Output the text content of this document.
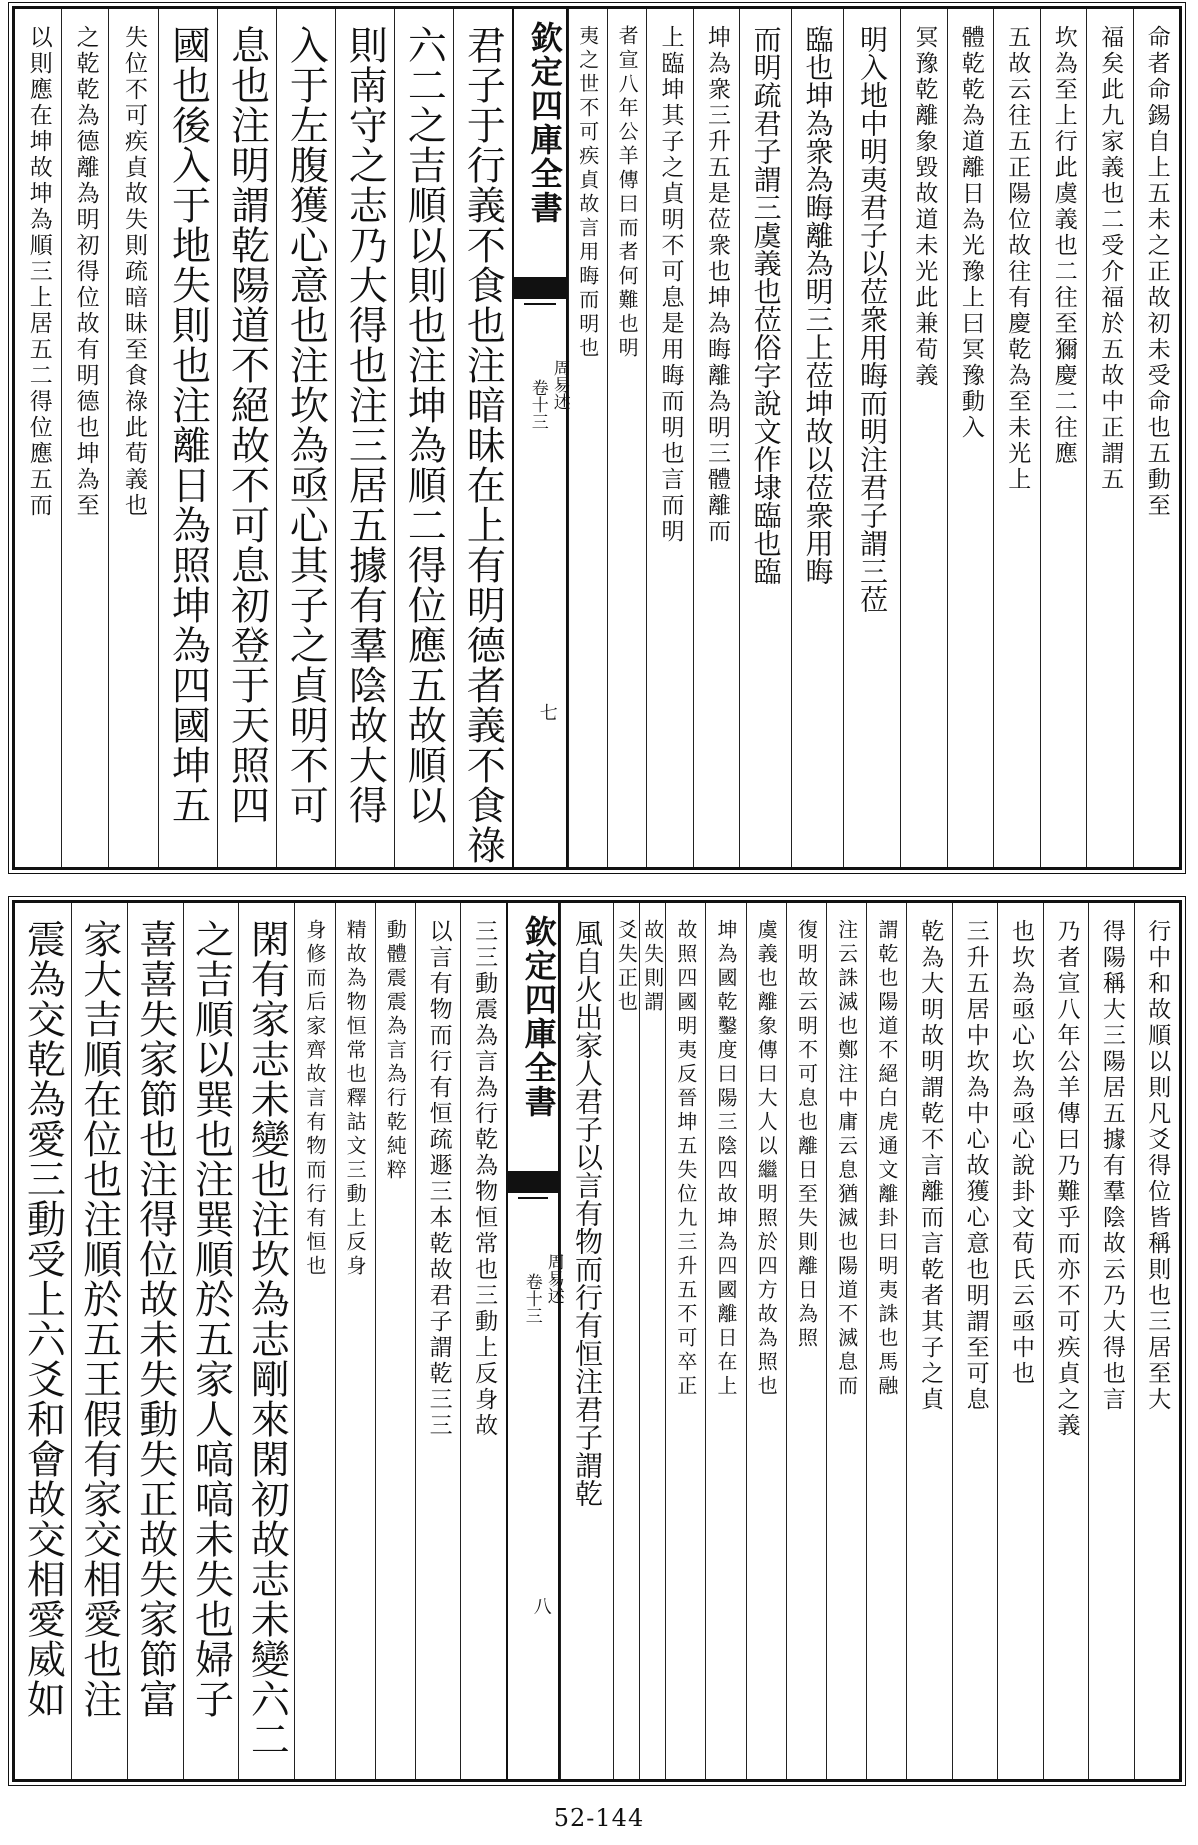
命者命錫自上五未之正故初未受命也五動至
福矣此九家義也二受介福於五故中正謂五
坎為至上行此虞義也二往至獮慶二往應
五故云往五正陽位故往有慶乾為至未光上
體乾乾為道離日為光豫上曰冥豫動入
冥豫乾離象毀故道未光此兼荀義
明入地中明夷君子以莅衆用晦而明注君子謂三莅
臨也坤為衆為晦離為明三上莅坤故以莅衆用晦
而明疏君子謂三虞義也莅俗字說文作埭臨也臨
坤為衆三升五是莅衆也坤為晦離為明三體離而
上臨坤其子之貞明不可息是用晦而明也言而明
者宣八年公羊傳曰而者何難也明
夷之世不可疾貞故言用晦而明也
欽定四庫全書
卷十三 周易述
七
君子于行義不食也注暗昧在上有明德者義不食祿
六二之吉順以則也注坤為順二得位應五故順以
則南守之志乃大得也注三居五據有羣陰故大得
入于左腹獲心意也注坎為亟心其子之貞明不可
息也注明謂乾陽道不絕故不可息初登于天照四
國也後入于地失則也注離日為照坤為四國坤五
失位不可疾貞故失則疏暗昧至食祿此荀義也
之乾乾為德離為明初得位故有明德也坤為至
以則應在坤故坤為順三上居五二得位應五而
行中和故順以則凡爻得位皆稱則也三居至大
得陽稱大三陽居五據有羣陰故云乃大得也言
乃者宣八年公羊傳曰乃難乎而亦不可疾貞之義
也坎為亟心坎為亟心說卦文荀氏云亟中也
三升五居中坎為中心故獲心意也明謂至可息
乾為大明故明謂乾不言離而言乾者其子之貞
謂乾也陽道不絕白虎通文離卦曰明夷誅也馬融
注云誅滅也鄭注中庸云息猶滅也陽道不滅息而
復明故云明不可息也離日至失則離日為照
虞義也離象傳曰大人以繼明照於四方故為照也
坤為國乾鑿度曰陽三陰四故坤為四國離日在上
故照四國明夷反晉坤五失位九三升五不可卒正
故失則謂
爻失正也
風自火出家人君子以言有物而行有恒注君子謂乾
欽定四庫全書
卷十三 周易述
八
三三動震為言為行乾為物恒常也三動上反身故
以言有物而行有恒疏遯三本乾故君子謂乾三三
動體震震為言為行乾純粹
精故為物恒常也釋詁文三動上反身
身修而后家齊故言有物而行有恒也
閑有家志未變也注坎為志剛來閑初故志未變六二
之吉順以巽也注巽順於五家人嗃嗃未失也婦子
喜喜失家節也注得位故未失動失正故失家節富
家大吉順在位也注順於五王假有家交相愛也注
震為交乾為愛三動受上六爻和會故交相愛威如
52-144
